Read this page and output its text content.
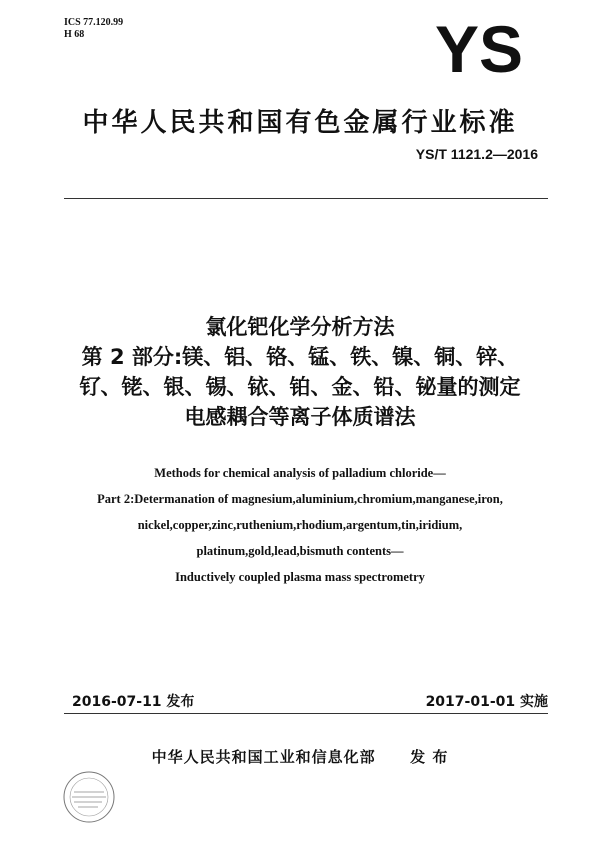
ICS 77.120.99
H 68	YS
中华人民共和国有色金属行业标准
YS/T 1121.2—2016
氯化钯化学分析方法
第 2 部分:镁、铝、铬、锰、铁、镍、铜、锌、
钌、铑、银、锡、铱、铂、金、铅、铋量的测定
电感耦合等离子体质谱法
Methods for chemical analysis of palladium chloride—
Part 2:Determanation of magnesium,aluminium,chromium,manganese,iron,
nickel,copper,zinc,ruthenium,rhodium,argentum,tin,iridium,
platinum,gold,lead,bismuth contents—
Inductively coupled plasma mass spectrometry
2016-07-11 发布	2017-01-01 实施
中华人民共和国工业和信息化部 发 布
